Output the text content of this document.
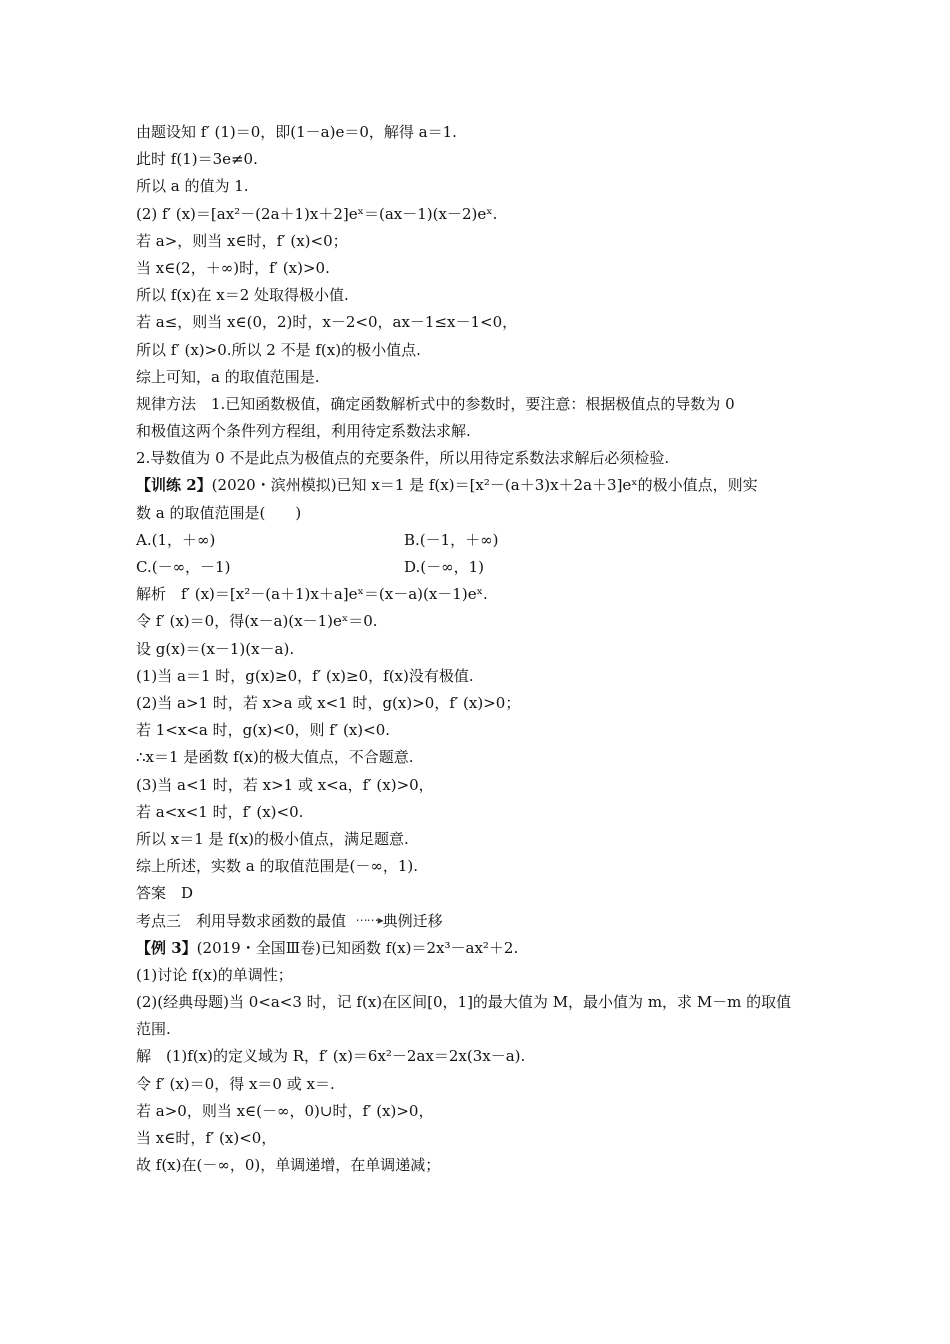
由题设知 f′ (1)＝0，即(1－a)e＝0，解得 a＝1.
此时 f(1)＝3e≠0.
所以 a 的值为 1.
(2) f′ (x)＝[ax²－(2a＋1)x＋2]eˣ＝(ax－1)(x－2)eˣ.
若 a>，则当 x∈时，f′ (x)<0；
当 x∈(2，＋∞)时，f′ (x)>0.
所以 f(x)在 x＝2 处取得极小值.
若 a≤，则当 x∈(0，2)时，x－2<0，ax－1≤x－1<0，
所以 f′ (x)>0.所以 2 不是 f(x)的极小值点.
综上可知，a 的取值范围是.
规律方法　1.已知函数极值，确定函数解析式中的参数时，要注意：根据极值点的导数为 0
和极值这两个条件列方程组，利用待定系数法求解.
2.导数值为 0 不是此点为极值点的充要条件，所以用待定系数法求解后必须检验.
【训练 2】(2020・滨州模拟)已知 x＝1 是 f(x)＝[x²－(a＋3)x＋2a＋3]eˣ的极小值点，则实
数 a 的取值范围是(　　)
A.(1，＋∞)	B.(－1，＋∞)
C.(－∞，－1)	D.(－∞，1)
解析　f′ (x)＝[x²－(a＋1)x＋a]eˣ＝(x－a)(x－1)eˣ.
令 f′ (x)＝0，得(x－a)(x－1)eˣ＝0.
设 g(x)＝(x－1)(x－a).
(1)当 a＝1 时，g(x)≥0，f′ (x)≥0，f(x)没有极值.
(2)当 a>1 时，若 x>a 或 x<1 时，g(x)>0，f′ (x)>0；
若 1<x<a 时，g(x)<0，则 f′ (x)<0.
∴x＝1 是函数 f(x)的极大值点，不合题意.
(3)当 a<1 时，若 x>1 或 x<a，f′ (x)>0，
若 a<x<1 时，f′ (x)<0.
所以 x＝1 是 f(x)的极小值点，满足题意.
综上所述，实数 a 的取值范围是(－∞，1).
答案　D
考点三　利用导数求函数的最值 ⋯⋯▸典例迁移
【例 3】(2019・全国Ⅲ卷)已知函数 f(x)＝2x³－ax²＋2.
(1)讨论 f(x)的单调性；
(2)(经典母题)当 0<a<3 时，记 f(x)在区间[0，1]的最大值为 M，最小值为 m，求 M－m 的取值
范围.
解　(1)f(x)的定义域为 R，f′ (x)＝6x²－2ax＝2x(3x－a).
令 f′ (x)＝0，得 x＝0 或 x＝.
若 a>0，则当 x∈(－∞，0)∪时，f′ (x)>0，
当 x∈时，f′ (x)<0，
故 f(x)在(－∞，0)，单调递增，在单调递减；
